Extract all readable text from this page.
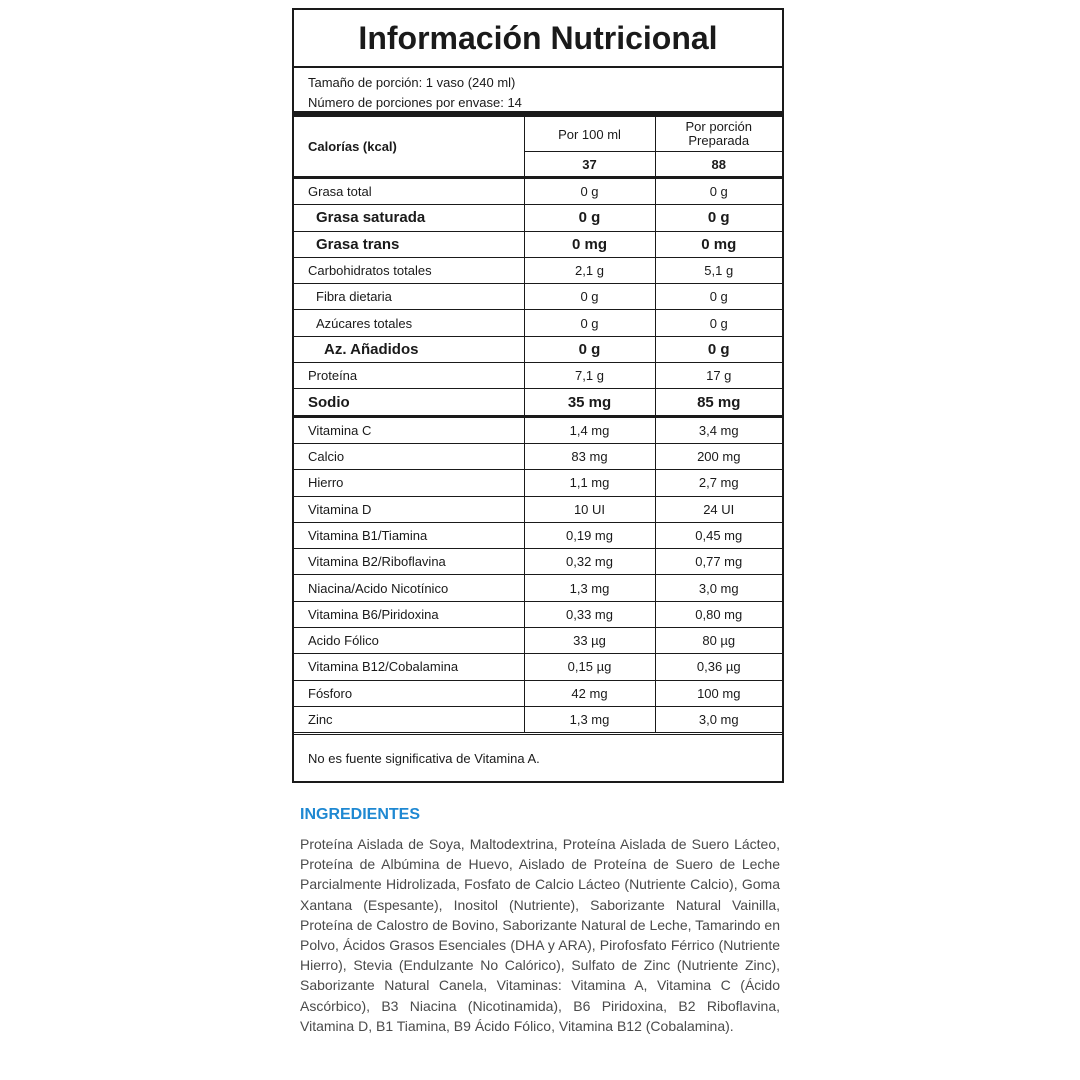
Información Nutricional
Tamaño de porción: 1 vaso (240 ml)
Número de porciones por envase: 14
Calorías (kcal)	Por 100 ml	Por porción
Preparada

	37	88
Grasa total	0 g	0 g
Grasa saturada	0 g	0 g
Grasa trans	0 mg	0 mg
Carbohidratos totales	2,1 g	5,1 g
Fibra dietaria	0 g	0 g
Azúcares totales	0 g	0 g
Az. Añadidos	0 g	0 g
Proteína	7,1 g	17 g
Sodio	35 mg	85 mg
Vitamina C	1,4 mg	3,4 mg
Calcio	83 mg	200 mg
Hierro	1,1 mg	2,7 mg
Vitamina D	10 UI	24 UI
Vitamina B1/Tiamina	0,19 mg	0,45 mg
Vitamina B2/Riboflavina	0,32 mg	0,77 mg
Niacina/Acido Nicotínico	1,3 mg	3,0 mg
Vitamina B6/Piridoxina	0,33 mg	0,80 mg
Acido Fólico	33 µg	80 µg
Vitamina B12/Cobalamina	0,15 µg	0,36 µg
Fósforo	42 mg	100 mg
Zinc	1,3 mg	3,0 mg
No es fuente significativa de Vitamina A.
INGREDIENTES
Proteína Aislada de Soya, Maltodextrina, Proteína Aislada de Suero Lácteo, Proteína de Albúmina de Huevo, Aislado de Proteína de Suero de Leche Parcialmente Hidrolizada, Fosfato de Calcio Lácteo (Nutriente Calcio), Goma Xantana (Espesante), Inositol (Nutriente), Saborizante Natural Vainilla, Proteína de Calostro de Bovino, Saborizante Natural de Leche, Tamarindo en Polvo, Ácidos Grasos Esenciales (DHA y ARA), Pirofosfato Férrico (Nutriente Hierro), Stevia (Endulzante No Calórico), Sulfato de Zinc (Nutriente Zinc), Saborizante Natural Canela, Vitaminas: Vitamina A, Vitamina C (Ácido Ascórbico), B3 Niacina (Nicotinamida), B6 Piridoxina, B2 Riboflavina, Vitamina D, B1 Tiamina, B9 Ácido Fólico, Vitamina B12 (Cobalamina).
